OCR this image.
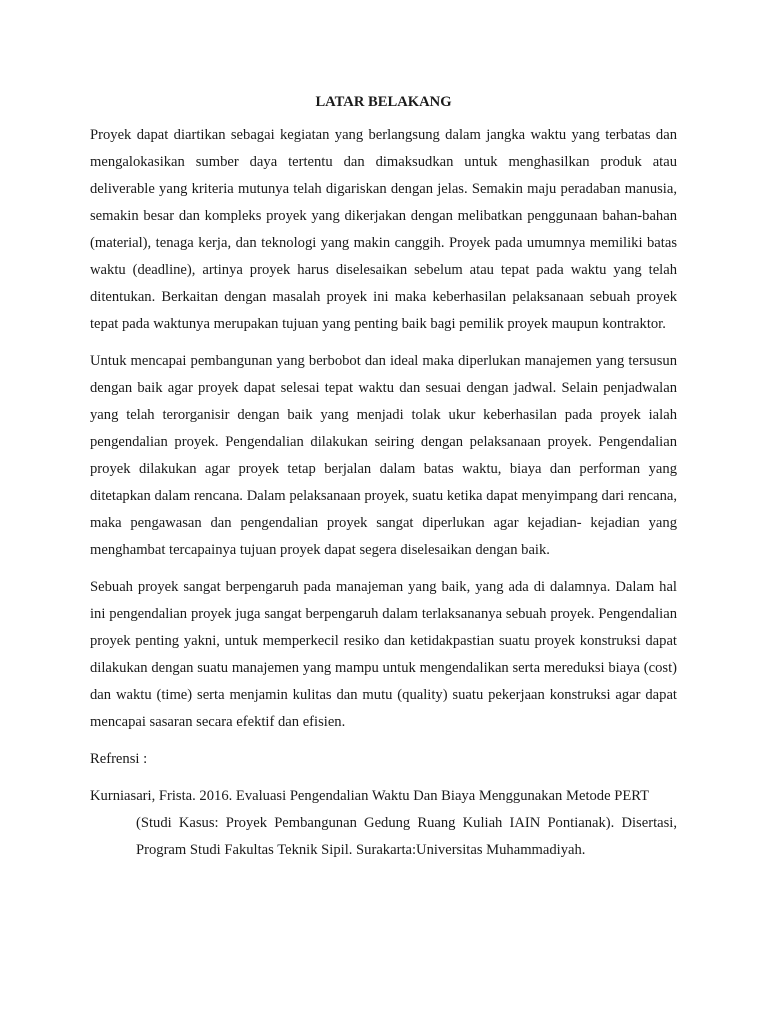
LATAR BELAKANG

Proyek dapat diartikan sebagai kegiatan yang berlangsung dalam jangka waktu yang terbatas dan mengalokasikan sumber daya tertentu dan dimaksudkan untuk menghasilkan produk atau deliverable yang kriteria mutunya telah digariskan dengan jelas. Semakin maju peradaban manusia, semakin besar dan kompleks proyek yang dikerjakan dengan melibatkan penggunaan bahan-bahan (material), tenaga kerja, dan teknologi yang makin canggih. Proyek pada umumnya memiliki batas waktu (deadline), artinya proyek harus diselesaikan sebelum atau tepat pada waktu yang telah ditentukan. Berkaitan dengan masalah proyek ini maka keberhasilan pelaksanaan sebuah proyek tepat pada waktunya merupakan tujuan yang penting baik bagi pemilik proyek maupun kontraktor.

Untuk mencapai pembangunan yang berbobot dan ideal maka diperlukan manajemen yang tersusun dengan baik agar proyek dapat selesai tepat waktu dan sesuai dengan jadwal. Selain penjadwalan yang telah terorganisir dengan baik yang menjadi tolak ukur keberhasilan pada proyek ialah pengendalian proyek. Pengendalian dilakukan seiring dengan pelaksanaan proyek. Pengendalian proyek dilakukan agar proyek tetap berjalan dalam batas waktu, biaya dan performan yang ditetapkan dalam rencana. Dalam pelaksanaan proyek, suatu ketika dapat menyimpang dari rencana, maka pengawasan dan pengendalian proyek sangat diperlukan agar kejadian- kejadian yang menghambat tercapainya tujuan proyek dapat segera diselesaikan dengan baik.

Sebuah proyek sangat berpengaruh pada manajeman yang baik, yang ada di dalamnya. Dalam hal ini pengendalian proyek juga sangat berpengaruh dalam terlaksananya sebuah proyek. Pengendalian proyek penting yakni, untuk memperkecil resiko dan ketidakpastian suatu proyek konstruksi dapat dilakukan dengan suatu manajemen yang mampu untuk mengendalikan serta mereduksi biaya (cost) dan waktu (time) serta menjamin kulitas dan mutu (quality) suatu pekerjaan konstruksi agar dapat mencapai sasaran secara efektif dan efisien.

Refrensi :

Kurniasari, Frista. 2016. Evaluasi Pengendalian Waktu Dan Biaya Menggunakan Metode PERT
(Studi Kasus: Proyek Pembangunan Gedung Ruang Kuliah IAIN Pontianak). Disertasi, Program Studi Fakultas Teknik Sipil. Surakarta:Universitas Muhammadiyah.
